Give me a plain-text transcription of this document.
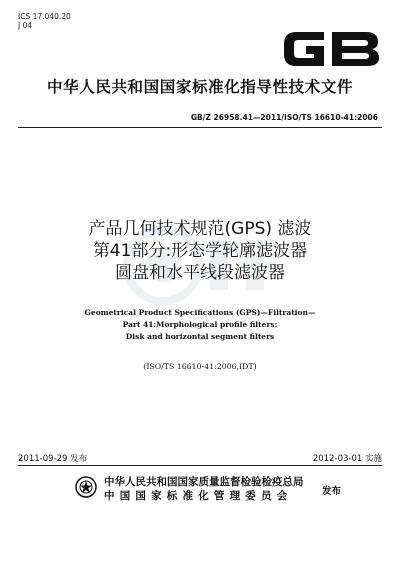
ICS 17.040.20
J 04
中华人民共和国国家标准化指导性技术文件
GB/Z 26958.41—2011/ISO/TS 16610-41:2006
产品几何技术规范(GPS) 滤波
第41部分:形态学轮廓滤波器
圆盘和水平线段滤波器
Geometrical Product Specifications (GPS)—Filtration—
Part 41:Morphological profile filters:
Disk and horizontal segment filters
(ISO/TS 16610-41:2006,IDT)
2011-09-29 发布	2012-03-01 实施
中华人民共和国国家质量监督检验检疫总局
中国国家标准化管理委员会	发布
